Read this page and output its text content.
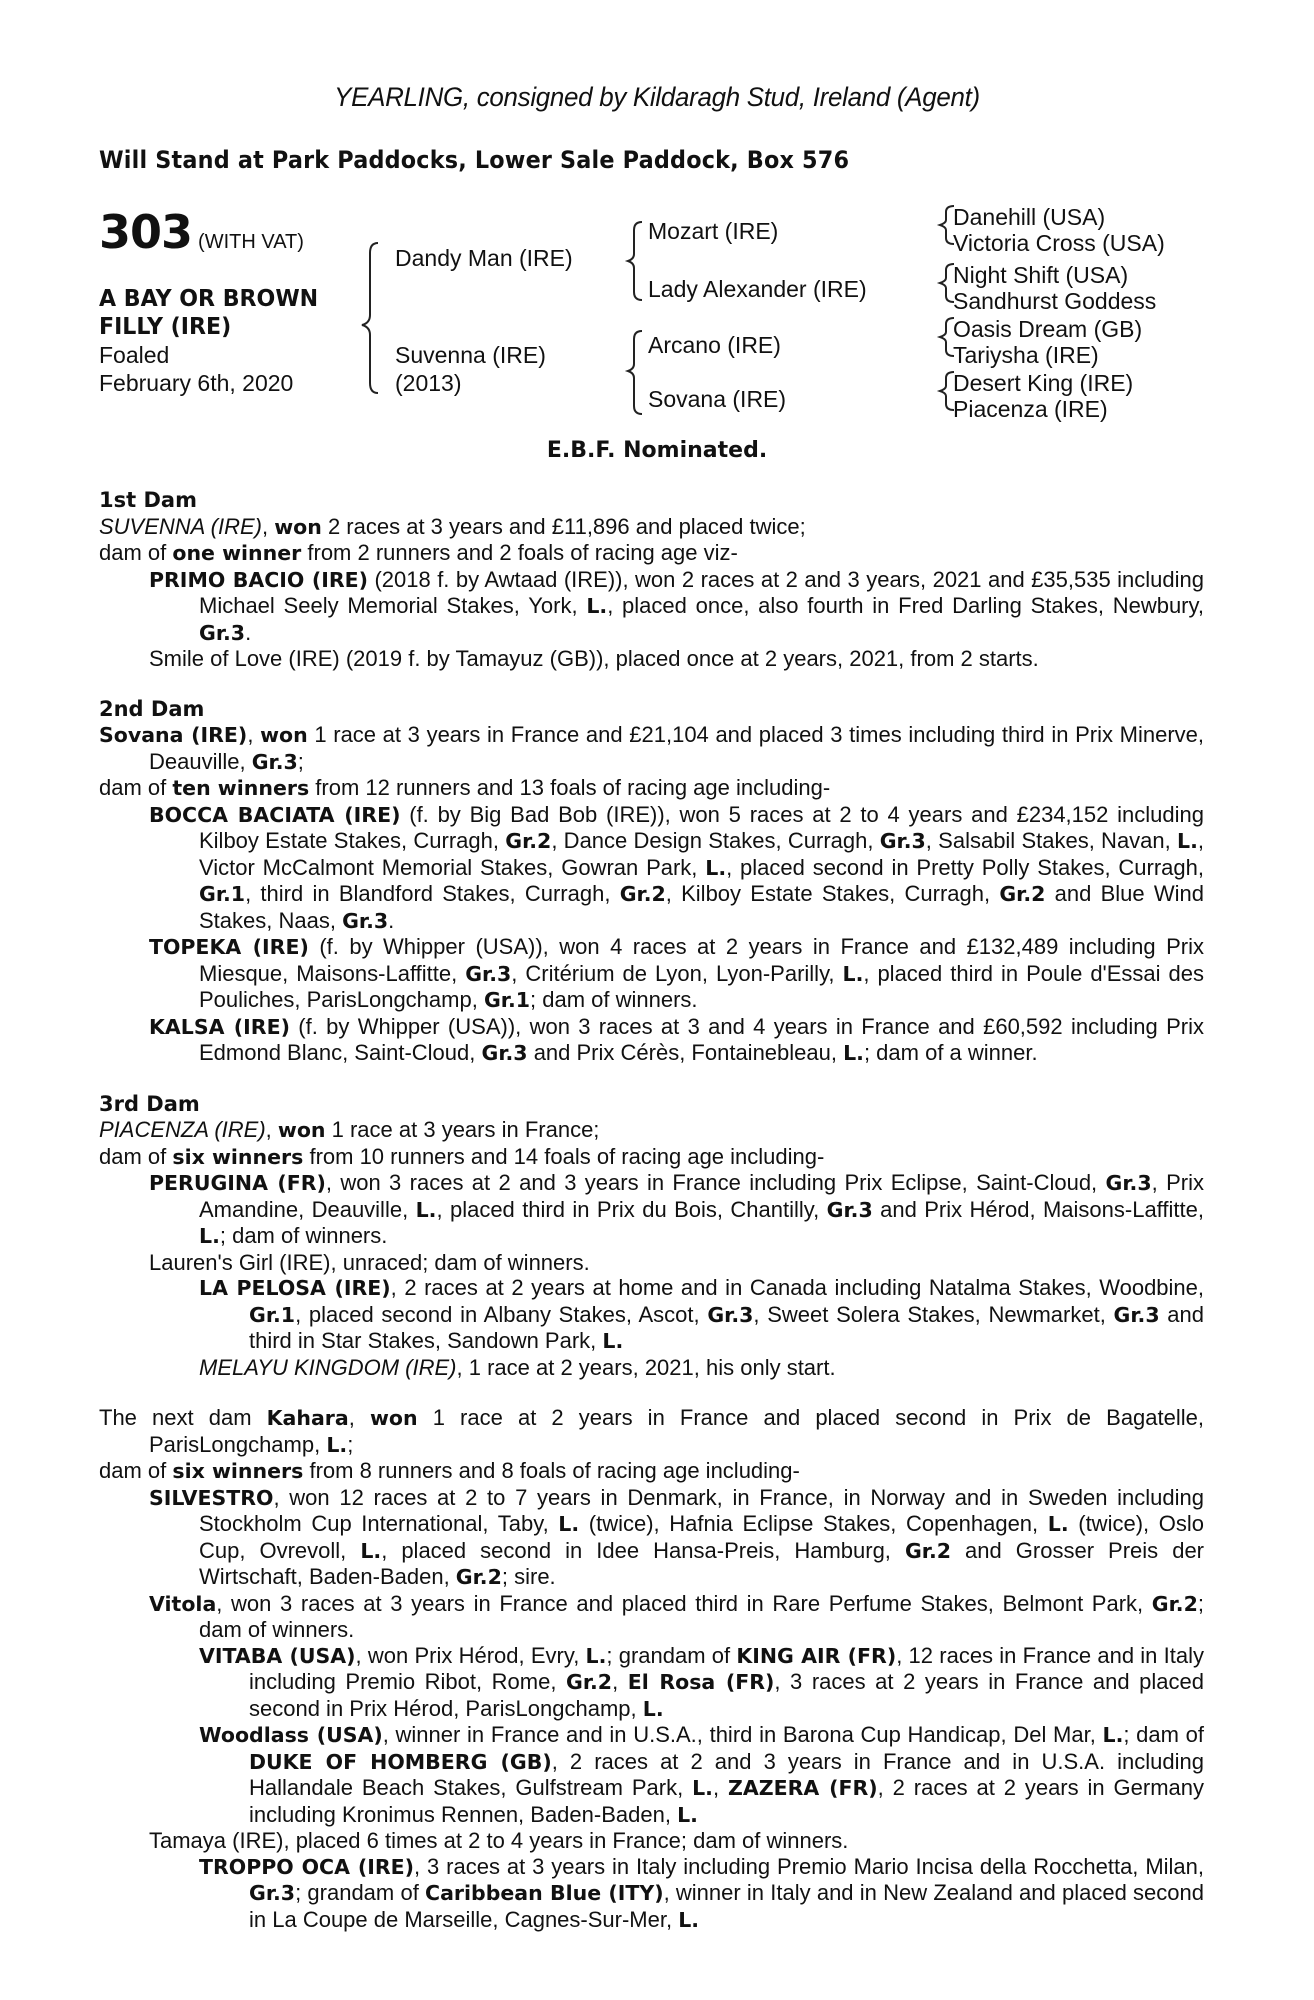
YEARLING, consigned by Kildaragh Stud, Ireland (Agent)
Will Stand at Park Paddocks, Lower Sale Paddock, Box 576
303 (WITH VAT)
A BAY OR BROWN
FILLY (IRE)
Foaled
February 6th, 2020
Dandy Man (IRE)
Suvenna (IRE)
(2013)
Mozart (IRE)
Lady Alexander (IRE)
Arcano (IRE)
Sovana (IRE)
Danehill (USA)
Victoria Cross (USA)
Night Shift (USA)
Sandhurst Goddess
Oasis Dream (GB)
Tariysha (IRE)
Desert King (IRE)
Piacenza (IRE)
E.B.F. Nominated.
1st Dam
SUVENNA (IRE), won 2 races at 3 years and £11,896 and placed twice;
dam of one winner from 2 runners and 2 foals of racing age viz-
PRIMO BACIO (IRE) (2018 f. by Awtaad (IRE)), won 2 races at 2 and 3 years, 2021 and £35,535 including Michael Seely Memorial Stakes, York, L., placed once, also fourth in Fred Darling Stakes, Newbury, Gr.3.
Smile of Love (IRE) (2019 f. by Tamayuz (GB)), placed once at 2 years, 2021, from 2 starts.
2nd Dam
Sovana (IRE), won 1 race at 3 years in France and £21,104 and placed 3 times including third in Prix Minerve, Deauville, Gr.3;
dam of ten winners from 12 runners and 13 foals of racing age including-
BOCCA BACIATA (IRE) (f. by Big Bad Bob (IRE)), won 5 races at 2 to 4 years and £234,152 including Kilboy Estate Stakes, Curragh, Gr.2, Dance Design Stakes, Curragh, Gr.3, Salsabil Stakes, Navan, L., Victor McCalmont Memorial Stakes, Gowran Park, L., placed second in Pretty Polly Stakes, Curragh, Gr.1, third in Blandford Stakes, Curragh, Gr.2, Kilboy Estate Stakes, Curragh, Gr.2 and Blue Wind Stakes, Naas, Gr.3.
TOPEKA (IRE) (f. by Whipper (USA)), won 4 races at 2 years in France and £132,489 including Prix Miesque, Maisons-Laffitte, Gr.3, Critérium de Lyon, Lyon-Parilly, L., placed third in Poule d'Essai des Pouliches, ParisLongchamp, Gr.1; dam of winners.
KALSA (IRE) (f. by Whipper (USA)), won 3 races at 3 and 4 years in France and £60,592 including Prix Edmond Blanc, Saint-Cloud, Gr.3 and Prix Cérès, Fontainebleau, L.; dam of a winner.
3rd Dam
PIACENZA (IRE), won 1 race at 3 years in France;
dam of six winners from 10 runners and 14 foals of racing age including-
PERUGINA (FR), won 3 races at 2 and 3 years in France including Prix Eclipse, Saint-Cloud, Gr.3, Prix Amandine, Deauville, L., placed third in Prix du Bois, Chantilly, Gr.3 and Prix Hérod, Maisons-Laffitte, L.; dam of winners.
Lauren's Girl (IRE), unraced; dam of winners.
LA PELOSA (IRE), 2 races at 2 years at home and in Canada including Natalma Stakes, Woodbine, Gr.1, placed second in Albany Stakes, Ascot, Gr.3, Sweet Solera Stakes, Newmarket, Gr.3 and third in Star Stakes, Sandown Park, L.
MELAYU KINGDOM (IRE), 1 race at 2 years, 2021, his only start.
The next dam Kahara, won 1 race at 2 years in France and placed second in Prix de Bagatelle, ParisLongchamp, L.;
dam of six winners from 8 runners and 8 foals of racing age including-
SILVESTRO, won 12 races at 2 to 7 years in Denmark, in France, in Norway and in Sweden including Stockholm Cup International, Taby, L. (twice), Hafnia Eclipse Stakes, Copenhagen, L. (twice), Oslo Cup, Ovrevoll, L., placed second in Idee Hansa-Preis, Hamburg, Gr.2 and Grosser Preis der Wirtschaft, Baden-Baden, Gr.2; sire.
Vitola, won 3 races at 3 years in France and placed third in Rare Perfume Stakes, Belmont Park, Gr.2; dam of winners.
VITABA (USA), won Prix Hérod, Evry, L.; grandam of KING AIR (FR), 12 races in France and in Italy including Premio Ribot, Rome, Gr.2, El Rosa (FR), 3 races at 2 years in France and placed second in Prix Hérod, ParisLongchamp, L.
Woodlass (USA), winner in France and in U.S.A., third in Barona Cup Handicap, Del Mar, L.; dam of DUKE OF HOMBERG (GB), 2 races at 2 and 3 years in France and in U.S.A. including Hallandale Beach Stakes, Gulfstream Park, L., ZAZERA (FR), 2 races at 2 years in Germany including Kronimus Rennen, Baden-Baden, L.
Tamaya (IRE), placed 6 times at 2 to 4 years in France; dam of winners.
TROPPO OCA (IRE), 3 races at 3 years in Italy including Premio Mario Incisa della Rocchetta, Milan, Gr.3; grandam of Caribbean Blue (ITY), winner in Italy and in New Zealand and placed second in La Coupe de Marseille, Cagnes-Sur-Mer, L.
